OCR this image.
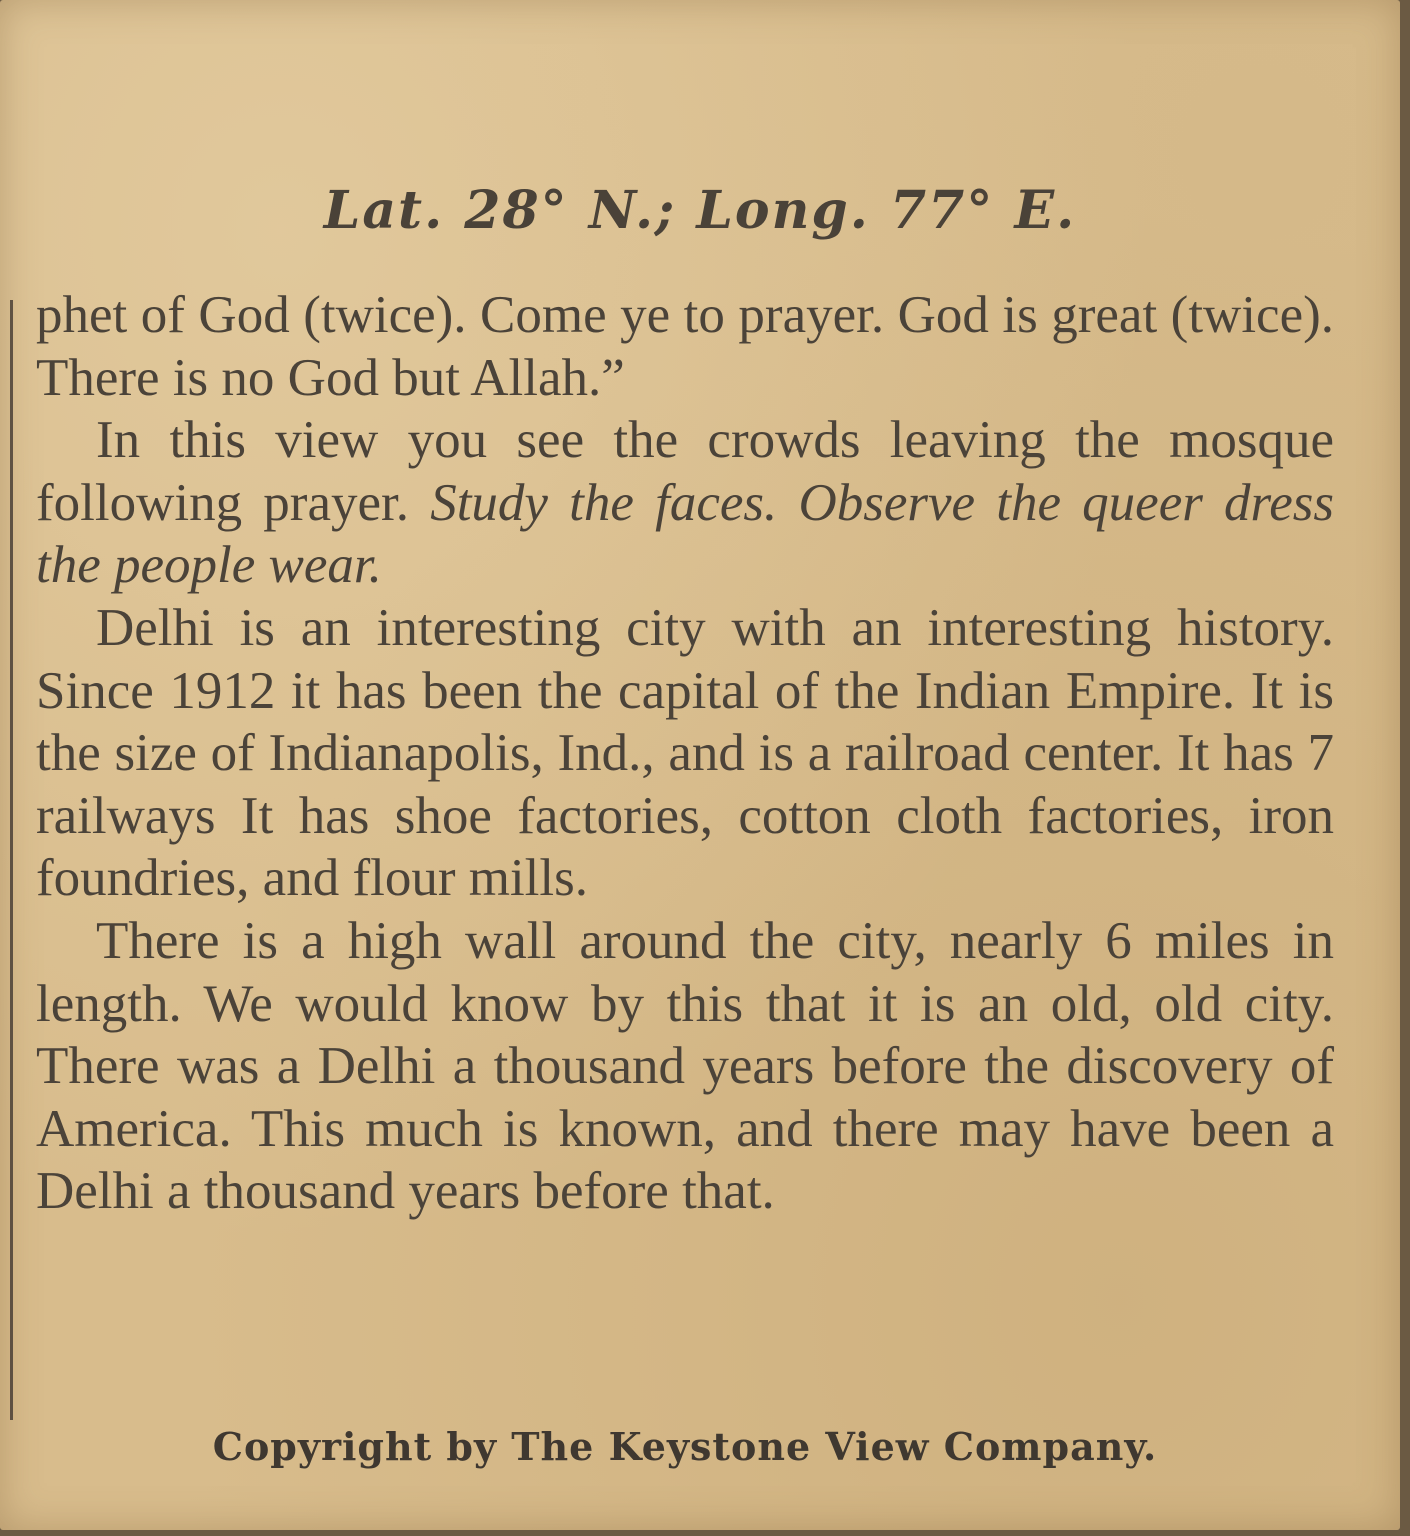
Lat. 28° N.; Long. 77° E.

phet of God (twice). Come ye to prayer. God is great (twice). There is no God but Allah.”

In this view you see the crowds leaving the mosque following prayer. Study the faces. Observe the queer dress the people wear.

Delhi is an interesting city with an interesting history. Since 1912 it has been the capital of the Indian Empire. It is the size of Indianapolis, Ind., and is a railroad center. It has 7 railways It has shoe factories, cotton cloth factories, iron foundries, and flour mills.

There is a high wall around the city, nearly 6 miles in length. We would know by this that it is an old, old city. There was a Delhi a thousand years before the discovery of America. This much is known, and there may have been a Delhi a thousand years before that.

Copyright by The Keystone View Company.
